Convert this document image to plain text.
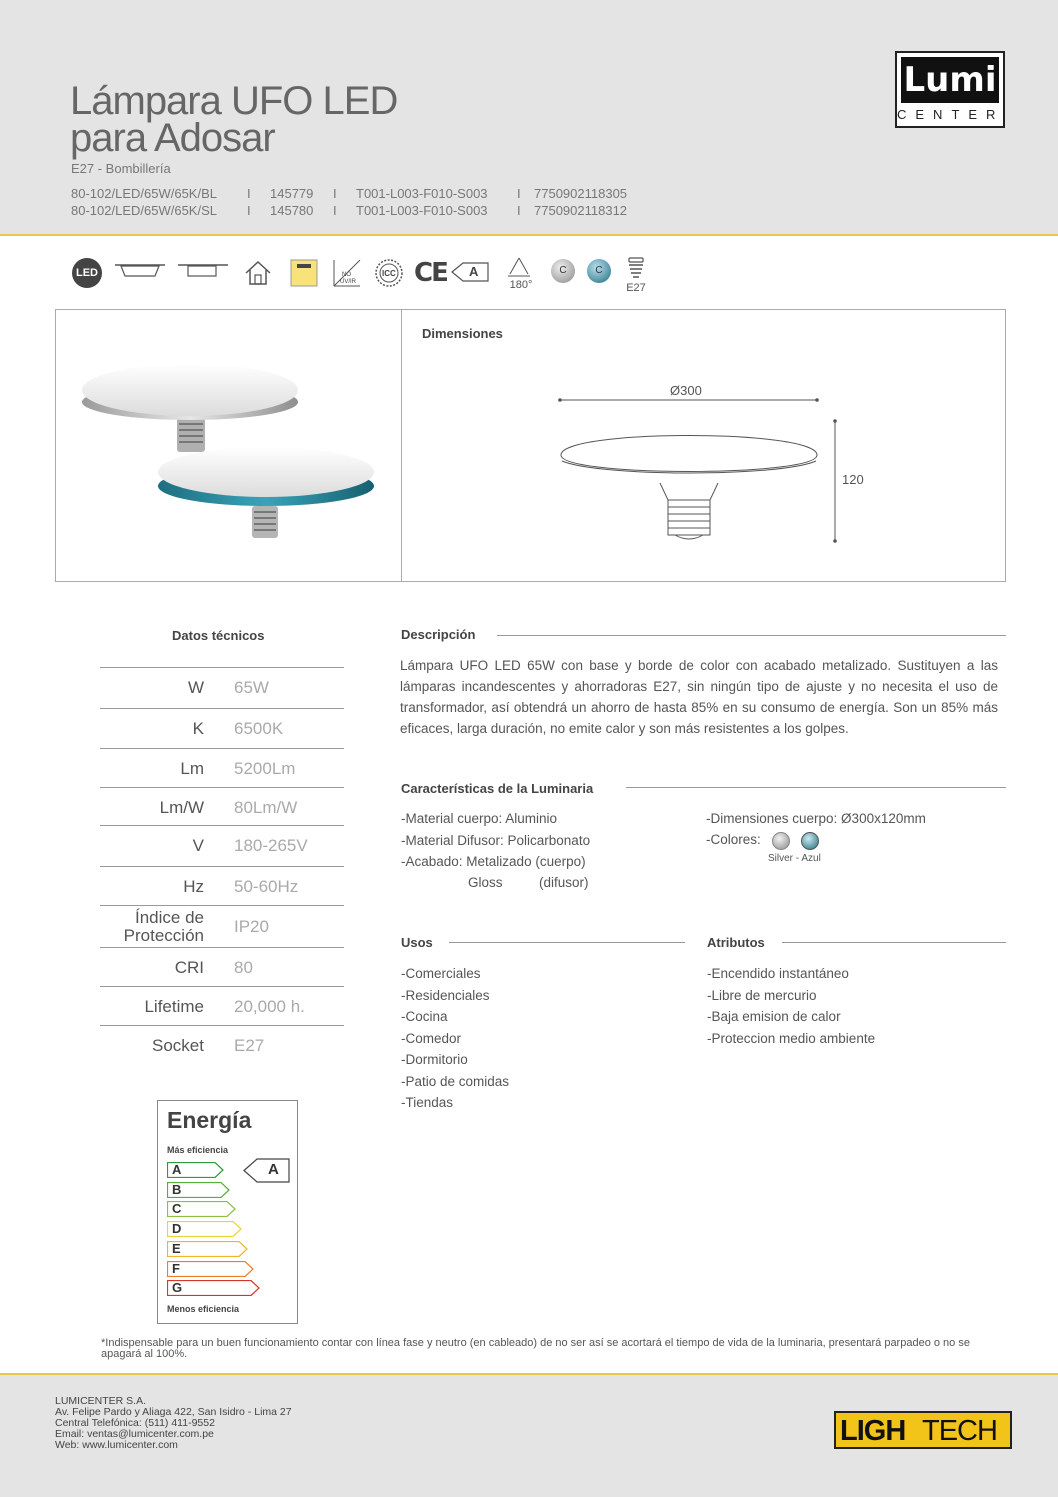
Lámpara UFO LED
para Adosar
E27 - Bombillería
80-102/LED/65W/65K/BL I 145779 I T001-L003-F010-S003 I 7750902118305
80-102/LED/65W/65K/SL I 145780 I T001-L003-F010-S003 I 7750902118312
Lumi
CENTER
LED	NO
UV/IR
ICC CE A
180°
C	C
E27
Dimensiones
Ø300
120
Datos técnicos
W 65W
K 6500K
Lm 5200Lm
Lm/W 80Lm/W
V 180-265V
Hz 50-60Hz
Índice de Protección IP20
CRI 80
Lifetime 20,000 h.
Socket E27
Descripción
Lámpara UFO LED 65W con base y borde de color con acabado metalizado. Sustituyen a las lámparas incandescentes y ahorradoras E27, sin ningún tipo de ajuste y no necesita el uso de transformador, así obtendrá un ahorro de hasta 85% en su consumo de energía. Son un 85% más eficaces, larga duración, no emite calor y son más resistentes a los golpes.
Características de la Luminaria
-Material cuerpo: Aluminio
-Material Difusor: Policarbonato
-Acabado: Metalizado (cuerpo)
Gloss	(difusor)
-Dimensiones cuerpo: Ø300x120mm
-Colores:
Silver - Azul
Usos
-Comerciales
-Residenciales
-Cocina
-Comedor
-Dormitorio
-Patio de comidas
-Tiendas
Atributos
-Encendido instantáneo
-Libre de mercurio
-Baja emision de calor
-Proteccion medio ambiente
Energía
Más eficiencia
A
B
C
D
E
F
G
A
Menos eficiencia
*Indispensable para un buen funcionamiento contar con línea fase y neutro (en cableado) de no ser así se acortará el tiempo de vida de la luminaria, presentará parpadeo o no se apagará al 100%.
LUMICENTER S.A.
Av. Felipe Pardo y Aliaga 422, San Isidro - Lima 27
Central Telefónica: (511) 411-9552
Email: ventas@lumicenter.com.pe
Web: www.lumicenter.com	LIGH TECH
